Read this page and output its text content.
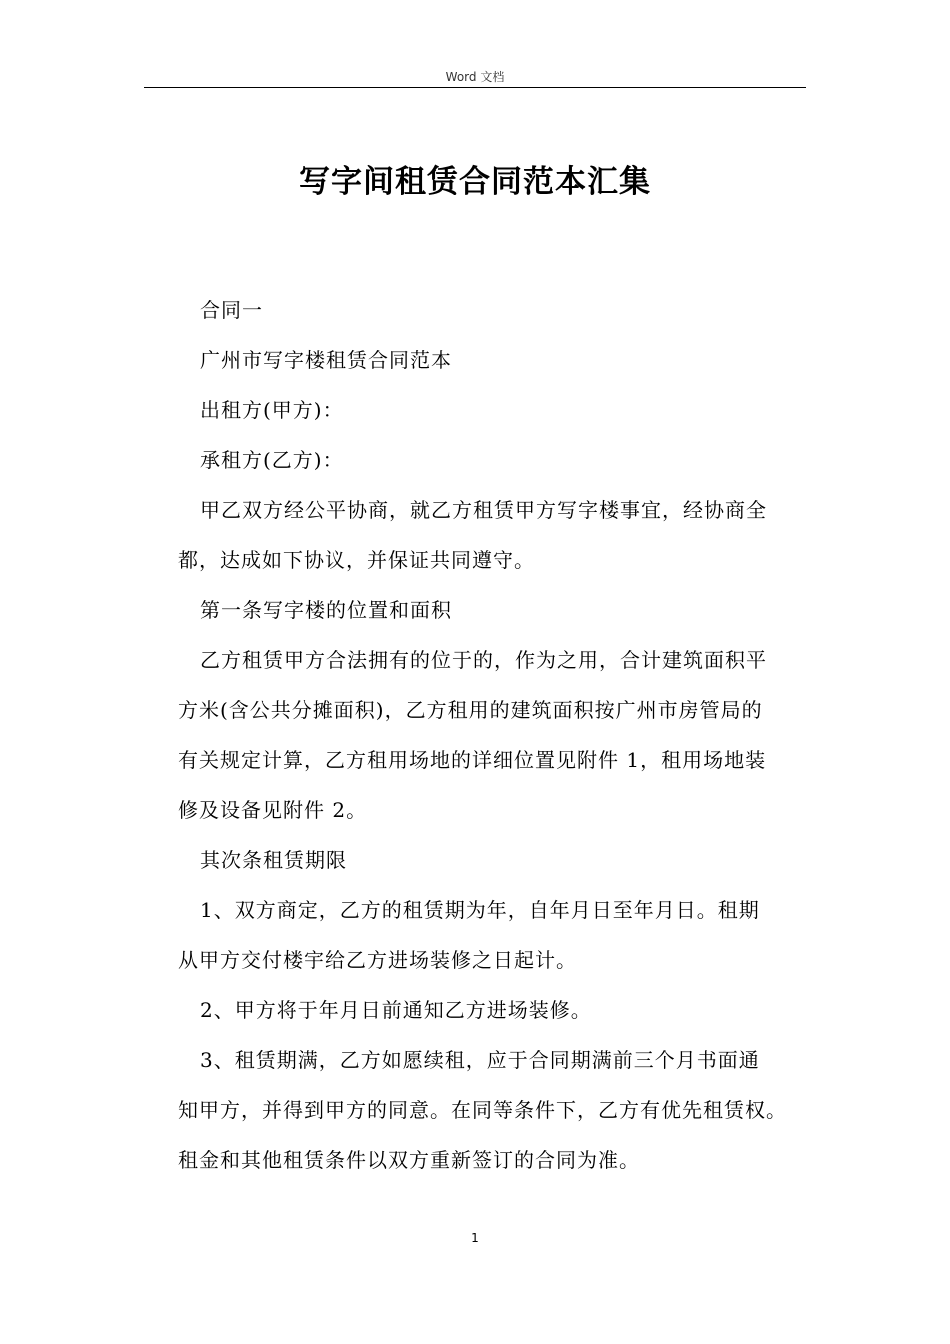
Word 文档
写字间租赁合同范本汇集
合同一
广州市写字楼租赁合同范本
出租方(甲方)：
承租方(乙方)：
甲乙双方经公平协商，就乙方租赁甲方写字楼事宜，经协商全
都，达成如下协议，并保证共同遵守。
第一条写字楼的位置和面积
乙方租赁甲方合法拥有的位于的，作为之用，合计建筑面积平
方米(含公共分摊面积)，乙方租用的建筑面积按广州市房管局的
有关规定计算，乙方租用场地的详细位置见附件 1，租用场地装
修及设备见附件 2。
其次条租赁期限
1、双方商定，乙方的租赁期为年，自年月日至年月日。租期
从甲方交付楼宇给乙方进场装修之日起计。
2、甲方将于年月日前通知乙方进场装修。
3、租赁期满，乙方如愿续租，应于合同期满前三个月书面通
知甲方，并得到甲方的同意。在同等条件下，乙方有优先租赁权。
租金和其他租赁条件以双方重新签订的合同为准。
1
